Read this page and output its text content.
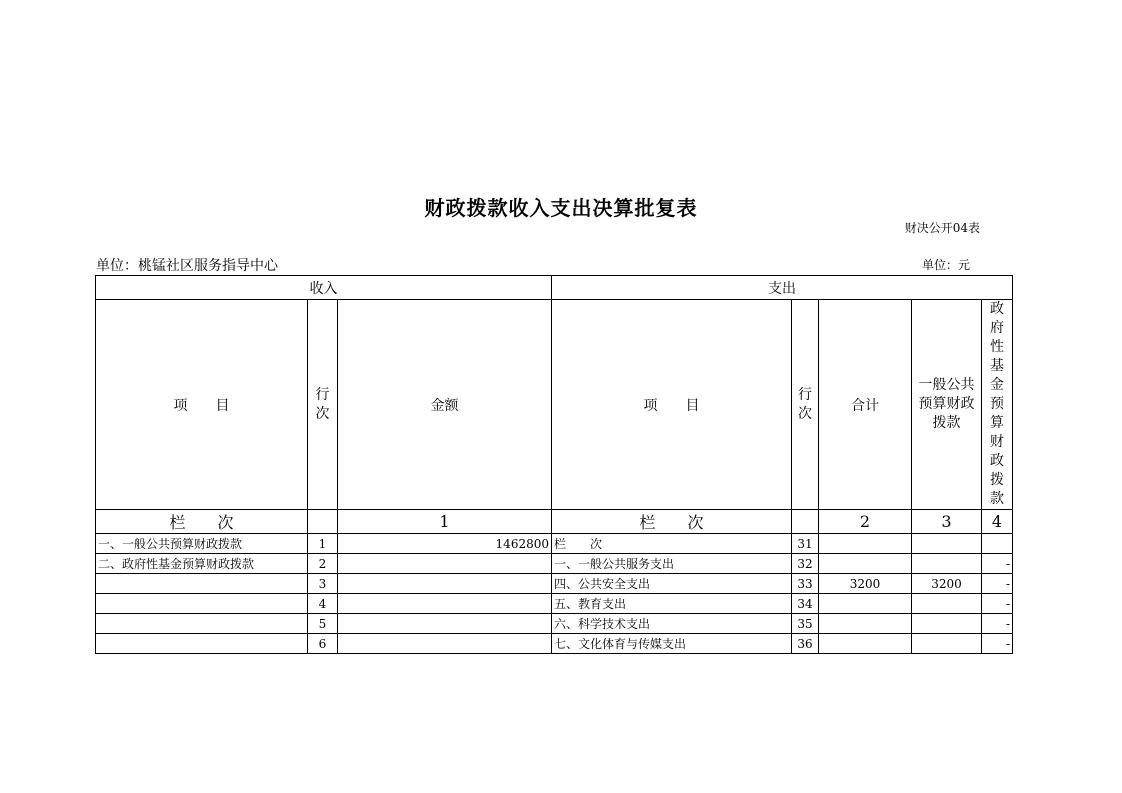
财政拨款收入支出决算批复表
财决公开04表
单位：桃锰社区服务指导中心	单位：元
收入			支出				
项　　目	行次	金额	项　　目	行次	合计	一般公共预算财政拨款	政府性基金预算财政拨款
栏　　次		1	栏　　次		2	3	4
一、一般公共预算财政拨款	1	1462800	栏　　次	31			
二、政府性基金预算财政拨款	2		一、一般公共服务支出	32			-
	3		四、公共安全支出	33	3200	3200	-
	4		五、教育支出	34			-
	5		六、科学技术支出	35			-
	6		七、文化体育与传媒支出	36			-
